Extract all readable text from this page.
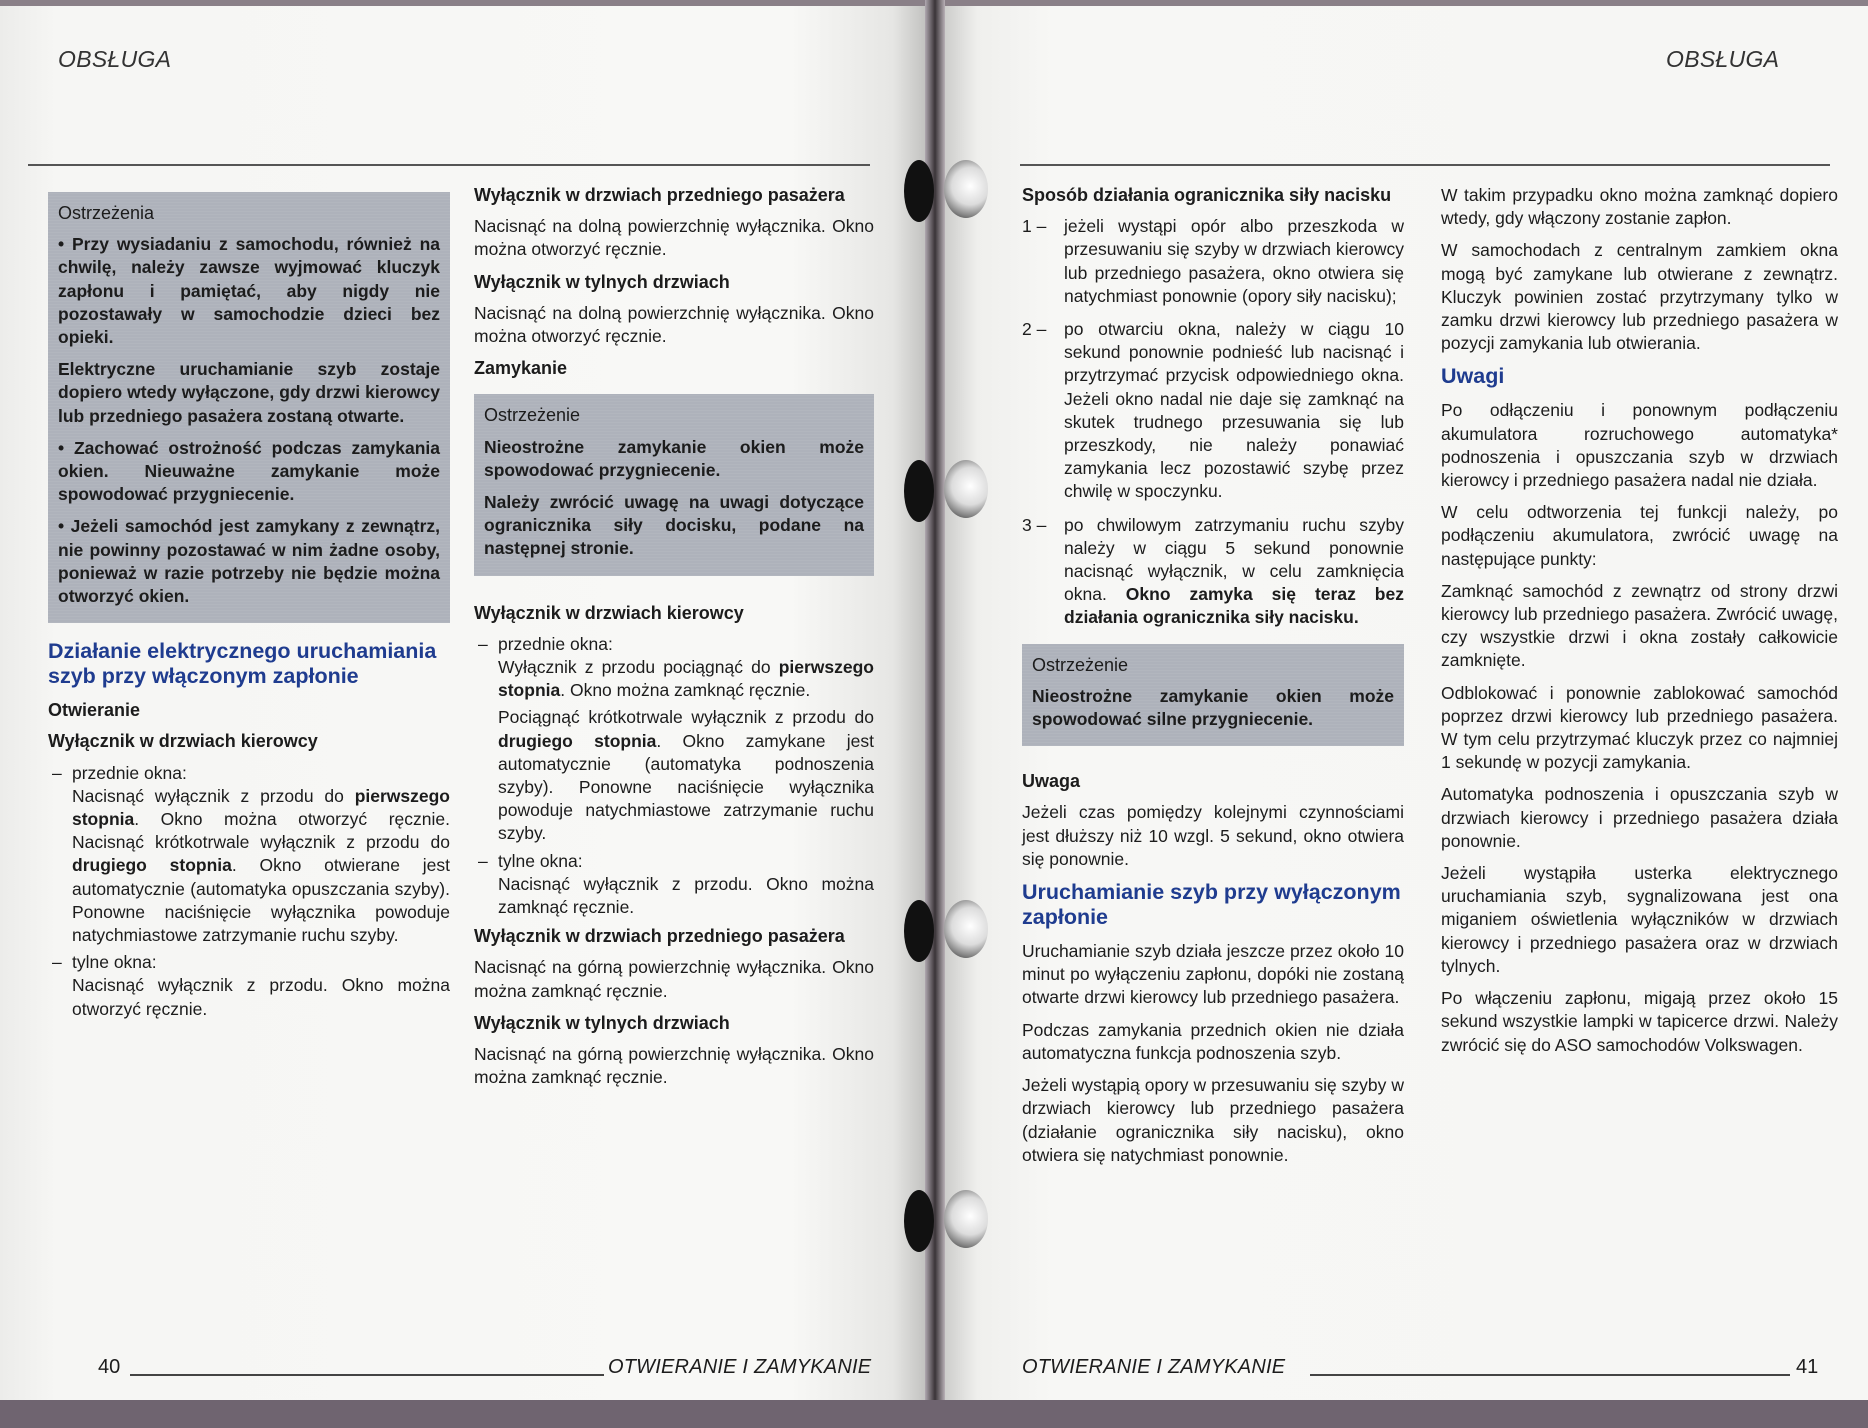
OBSŁUGA
Ostrzeżenia

• Przy wysiadaniu z samochodu, również na chwilę, należy zawsze wyjmować kluczyk zapłonu i pamiętać, aby nigdy nie pozostawały w samochodzie dzieci bez opieki.

Elektryczne uruchamianie szyb zostaje dopiero wtedy wyłączone, gdy drzwi kierowcy lub przedniego pasażera zostaną otwarte.

• Zachować ostrożność podczas zamykania okien. Nieuważne zamykanie może spowodować przygniecenie.

• Jeżeli samochód jest zamykany z zewnątrz, nie powinny pozostawać w nim żadne osoby, ponieważ w razie potrzeby nie będzie można otworzyć okien.

Działanie elektrycznego uruchamiania szyb przy włączonym zapłonie
Otwieranie
Wyłącznik w drzwiach kierowcy
– przednie okna:

Nacisnąć wyłącznik z przodu do pierwszego stopnia. Okno można otworzyć ręcznie. Nacisnąć krótkotrwale wyłącznik z przodu do drugiego stopnia. Okno otwierane jest automatycznie (automatyka opuszczania szyby). Ponowne naciśnięcie wyłącznika powoduje natychmiastowe zatrzymanie ruchu szyby.

– tylne okna:

Nacisnąć wyłącznik z przodu. Okno można otworzyć ręcznie.

Wyłącznik w drzwiach przedniego pasażera

Nacisnąć na dolną powierzchnię wyłącznika. Okno można otworzyć ręcznie.

Wyłącznik w tylnych drzwiach

Nacisnąć na dolną powierzchnię wyłącznika. Okno można otworzyć ręcznie.

Zamykanie
Ostrzeżenie

Nieostrożne zamykanie okien może spowodować przygniecenie.

Należy zwrócić uwagę na uwagi dotyczące ogranicznika siły docisku, podane na następnej stronie.

Wyłącznik w drzwiach kierowcy
– przednie okna:

Wyłącznik z przodu pociągnąć do pierwszego stopnia. Okno można zamknąć ręcznie.

Pociągnąć krótkotrwale wyłącznik z przodu do drugiego stopnia. Okno zamykane jest automatycznie (automatyka podnoszenia szyby). Ponowne naciśnięcie wyłącznika powoduje natychmiastowe zatrzymanie ruchu szyby.

– tylne okna:

Nacisnąć wyłącznik z przodu. Okno można zamknąć ręcznie.

Wyłącznik w drzwiach przedniego pasażera

Nacisnąć na górną powierzchnię wyłącznika. Okno można zamknąć ręcznie.

Wyłącznik w tylnych drzwiach

Nacisnąć na górną powierzchnię wyłącznika. Okno można zamknąć ręcznie.

40	OTWIERANIE I ZAMYKANIE
OBSŁUGA
Sposób działania ogranicznika siły nacisku
1 – jeżeli wystąpi opór albo przeszkoda w przesuwaniu się szyby w drzwiach kierowcy lub przedniego pasażera, okno otwiera się natychmiast ponownie (opory siły nacisku);
2 – po otwarciu okna, należy w ciągu 10 sekund ponownie podnieść lub nacisnąć i przytrzymać przycisk odpowiedniego okna. Jeżeli okno nadal nie daje się zamknąć na skutek trudnego przesuwania się lub przeszkody, nie należy ponawiać zamykania lecz pozostawić szybę przez chwilę w spoczynku.
3 – po chwilowym zatrzymaniu ruchu szyby należy w ciągu 5 sekund ponownie nacisnąć wyłącznik, w celu zamknięcia okna. Okno zamyka się teraz bez działania ogranicznika siły nacisku.
Ostrzeżenie

Nieostrożne zamykanie okien może spowodować silne przygniecenie.

Uwaga

Jeżeli czas pomiędzy kolejnymi czynnościami jest dłuższy niż 10 wzgl. 5 sekund, okno otwiera się ponownie.

Uruchamianie szyb przy wyłączonym zapłonie

Uruchamianie szyb działa jeszcze przez około 10 minut po wyłączeniu zapłonu, dopóki nie zostaną otwarte drzwi kierowcy lub przedniego pasażera.

Podczas zamykania przednich okien nie działa automatyczna funkcja podnoszenia szyb.

Jeżeli wystąpią opory w przesuwaniu się szyby w drzwiach kierowcy lub przedniego pasażera (działanie ogranicznika siły nacisku), okno otwiera się natychmiast ponownie.

W takim przypadku okno można zamknąć dopiero wtedy, gdy włączony zostanie zapłon.

W samochodach z centralnym zamkiem okna mogą być zamykane lub otwierane z zewnątrz. Kluczyk powinien zostać przytrzymany tylko w zamku drzwi kierowcy lub przedniego pasażera w pozycji zamykania lub otwierania.

Uwagi

Po odłączeniu i ponownym podłączeniu akumulatora rozruchowego automatyka* podnoszenia i opuszczania szyb w drzwiach kierowcy i przedniego pasażera nadal nie działa.

W celu odtworzenia tej funkcji należy, po podłączeniu akumulatora, zwrócić uwagę na następujące punkty:

Zamknąć samochód z zewnątrz od strony drzwi kierowcy lub przedniego pasażera. Zwrócić uwagę, czy wszystkie drzwi i okna zostały całkowicie zamknięte.

Odblokować i ponownie zablokować samochód poprzez drzwi kierowcy lub przedniego pasażera. W tym celu przytrzymać kluczyk przez co najmniej 1 sekundę w pozycji zamykania.

Automatyka podnoszenia i opuszczania szyb w drzwiach kierowcy i przedniego pasażera działa ponownie.

Jeżeli wystąpiła usterka elektrycznego uruchamiania szyb, sygnalizowana jest ona miganiem oświetlenia wyłączników w drzwiach kierowcy i przedniego pasażera oraz w drzwiach tylnych.

Po włączeniu zapłonu, migają przez około 15 sekund wszystkie lampki w tapicerce drzwi. Należy zwrócić się do ASO samochodów Volkswagen.

OTWIERANIE I ZAMYKANIE	41
